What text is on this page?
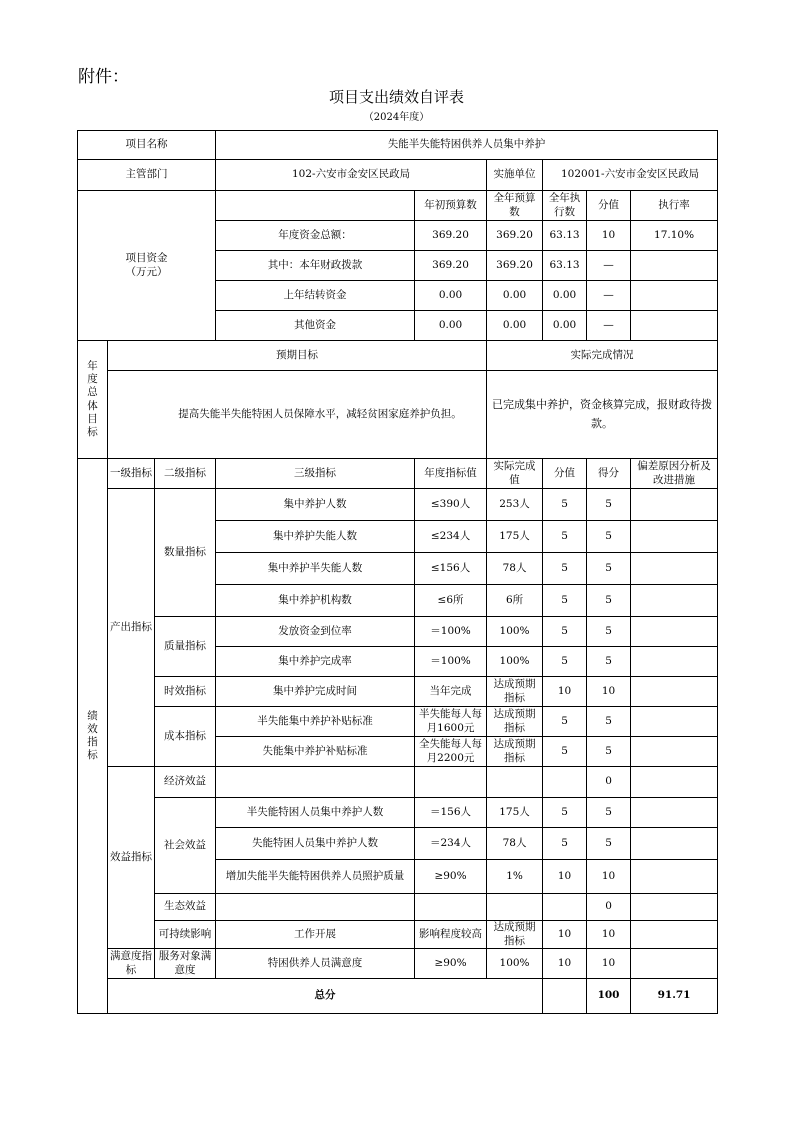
附件：
项目支出绩效自评表
（2024年度）
项目名称			失能半失能特困供养人员集中养护						
主管部门			102-六安市金安区民政局		实施单位	102001-六安市金安区民政局			
项目资金
（万元）				年初预算数	全年预算数	全年执行数	分值	执行率	
			年度资金总额：	369.20	369.20	63.13	10	17.10%	
			其中：本年财政拨款	369.20	369.20	63.13	—		
			上年结转资金	0.00	0.00	0.00	—		
			其他资金	0.00	0.00	0.00	—		

年度总体目标	预期目标				实际完成情况				
	提高失能半失能特困人员保障水平，减轻贫困家庭养护负担。				已完成集中养护，资金核算完成，报财政待拨款。				

绩效指标	一级指标	二级指标	三级指标	年度指标值	实际完成值	分值	得分	偏差原因分析及改进措施	
	产出指标	数量指标	集中养护人数	≤390人	253人	5	5		
			集中养护失能人数	≤234人	175人	5	5		
			集中养护半失能人数	≤156人	78人	5	5		
			集中养护机构数	≤6所	6所	5	5		
		质量指标	发放资金到位率	＝100%	100%	5	5		
			集中养护完成率	＝100%	100%	5	5		
		时效指标	集中养护完成时间	当年完成	达成预期指标	10	10		
		成本指标	半失能集中养护补贴标准	半失能每人每月1600元	达成预期指标	5	5		
			失能集中养护补贴标准	全失能每人每月2200元	达成预期指标	5	5		
	效益指标	经济效益					0		
		社会效益	半失能特困人员集中养护人数	＝156人	175人	5	5		
			失能特困人员集中养护人数	＝234人	78人	5	5		
			增加失能半失能特困供养人员照护质量	≥90%	1%	10	10		
		生态效益					0		
		可持续影响	工作开展	影响程度较高	达成预期指标	10	10		
	满意度指标	服务对象满意度	特困供养人员满意度	≥90%	100%	10	10		
	总分						100	91.71	
